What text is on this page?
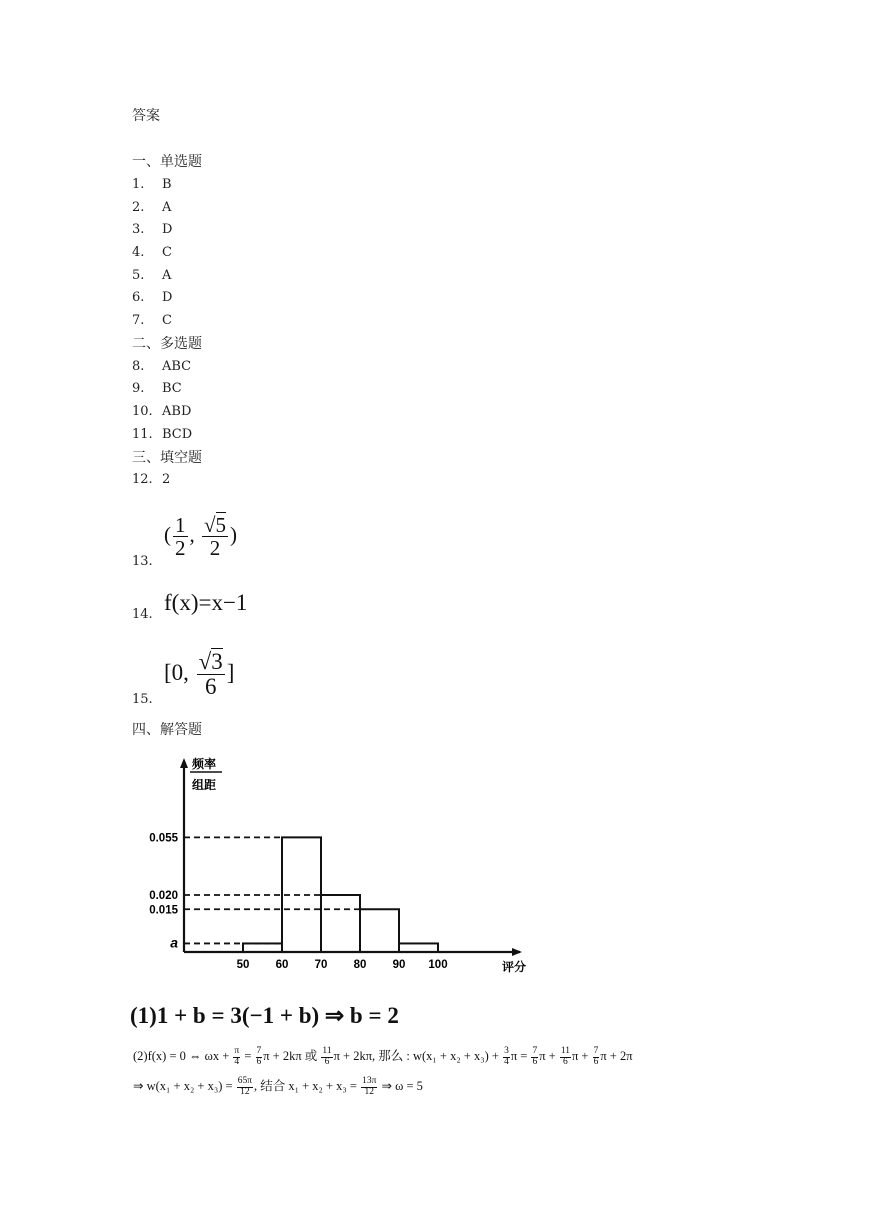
答案
一、单选题
1. B
2. A
3. D
4. C
5. A
6. D
7. C
二、多选题
8. ABC
9. BC
10. ABD
11. BCD
三、填空题
12. 2
13.
( $\frac{1}{2}$ , $\frac{√5}{2}$ )
14. f(x)=x−1
15.
[0, $\frac{√3}{6}$ ]
四、解答题
频率
组距
评分
0.055
0.020
0.015
a
50 60 70 80 90 100
(1)1 + b = 3(−1 + b) ⇒ b = 2
(2)f(x) = 0 ⇔ $\omega x + \frac{\pi}{4} = \frac{7}{6}$ π + 2kπ 或 $\frac{11}{6}$ π + 2kπ, 那么 : $w(x_1 + x_2 + x_3) + \frac{3}{4}$ $\pi = \frac{7}{6}$ $\pi + \frac{11}{6}$ $\pi + \frac{7}{6}$ π + 2π
⇒ $w(x_1 + x_2 + x_3) = \frac{65\pi}{12}$ , 结合 $x_1 + x_2 + x_3 = \frac{13\pi}{12}$ ⇒ ω = 5
